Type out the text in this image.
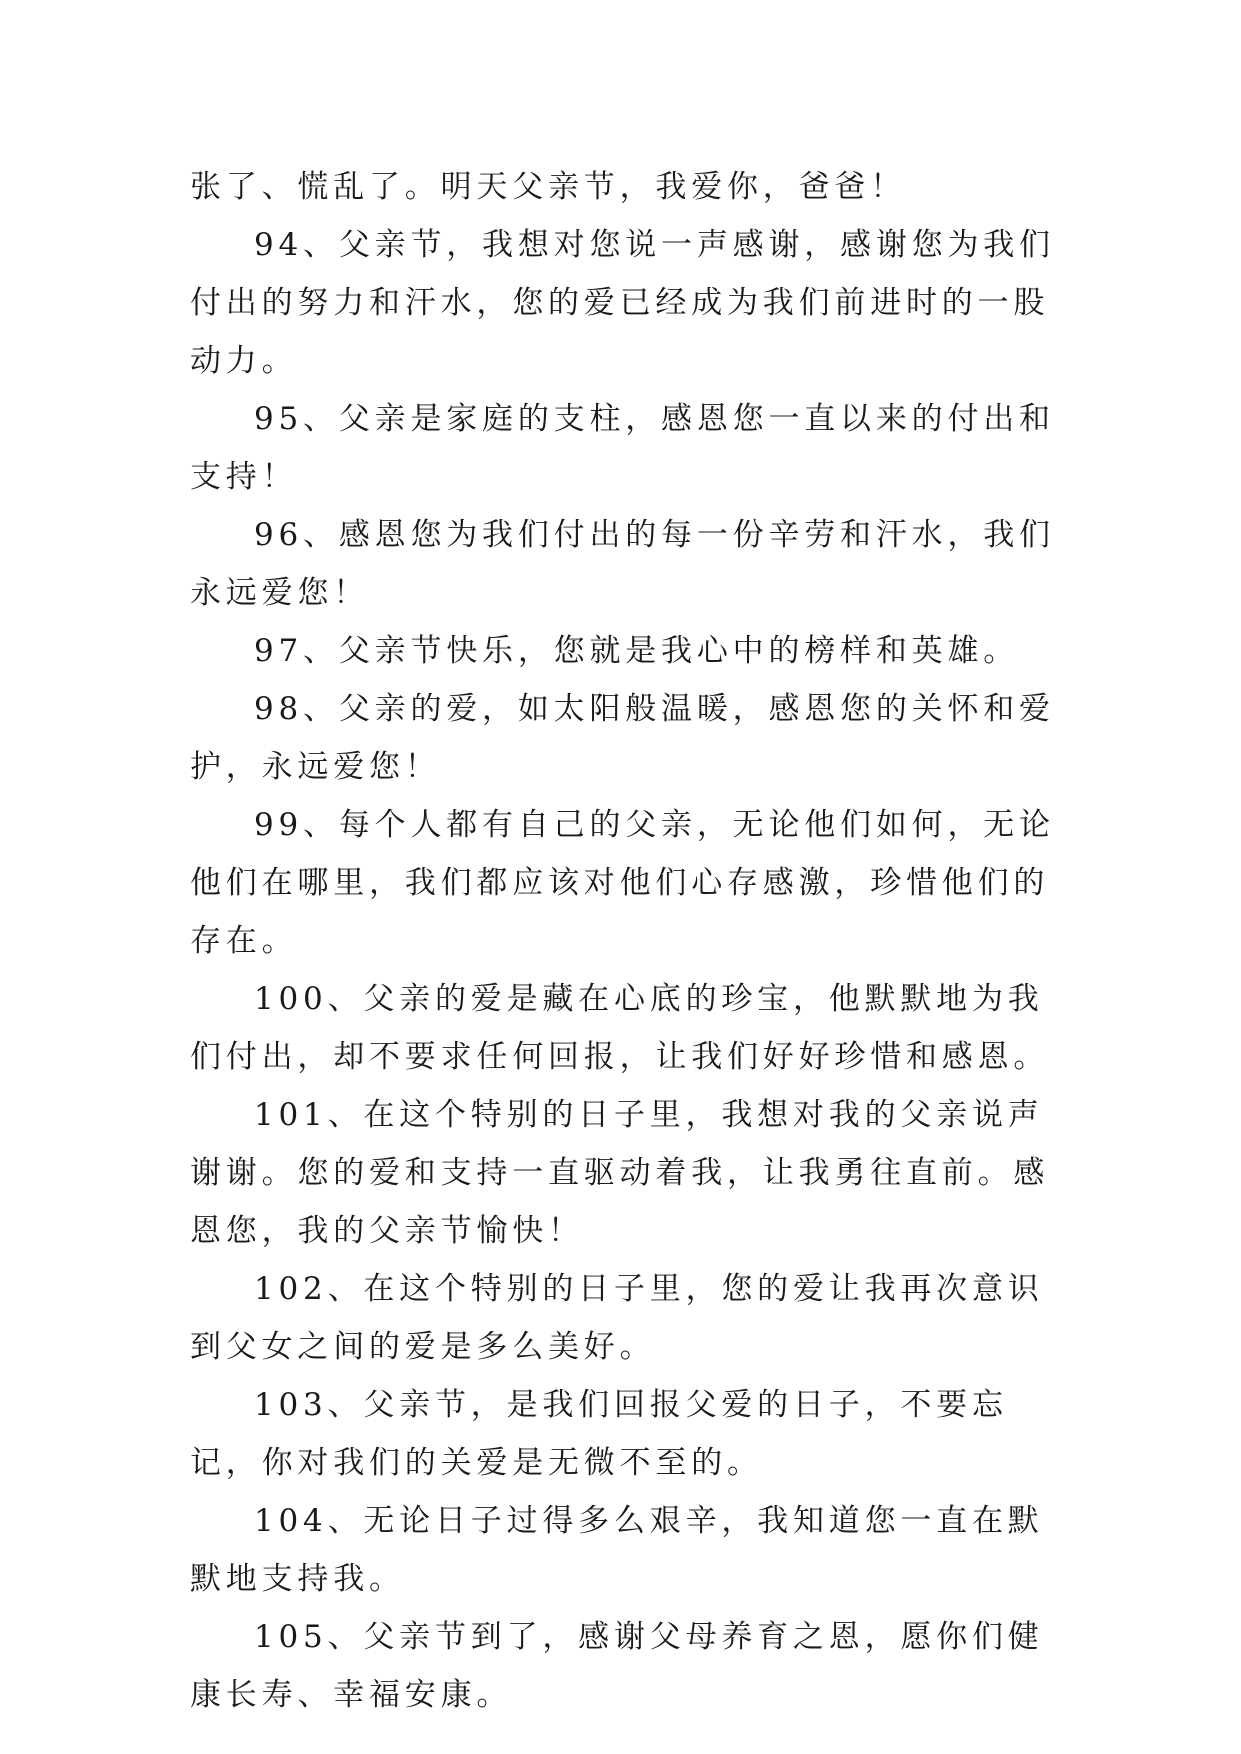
张了、慌乱了。明天父亲节，我爱你，爸爸！

94、父亲节，我想对您说一声感谢，感谢您为我们付出的努力和汗水，您的爱已经成为我们前进时的一股动力。

95、父亲是家庭的支柱，感恩您一直以来的付出和支持！

96、感恩您为我们付出的每一份辛劳和汗水，我们永远爱您！

97、父亲节快乐，您就是我心中的榜样和英雄。

98、父亲的爱，如太阳般温暖，感恩您的关怀和爱护，永远爱您！

99、每个人都有自己的父亲，无论他们如何，无论他们在哪里，我们都应该对他们心存感激，珍惜他们的存在。

100、父亲的爱是藏在心底的珍宝，他默默地为我们付出，却不要求任何回报，让我们好好珍惜和感恩。

101、在这个特别的日子里，我想对我的父亲说声谢谢。您的爱和支持一直驱动着我，让我勇往直前。感恩您，我的父亲节愉快！

102、在这个特别的日子里，您的爱让我再次意识到父女之间的爱是多么美好。

103、父亲节，是我们回报父爱的日子，不要忘记，你对我们的关爱是无微不至的。

104、无论日子过得多么艰辛，我知道您一直在默默地支持我。

105、父亲节到了，感谢父母养育之恩，愿你们健康长寿、幸福安康。
